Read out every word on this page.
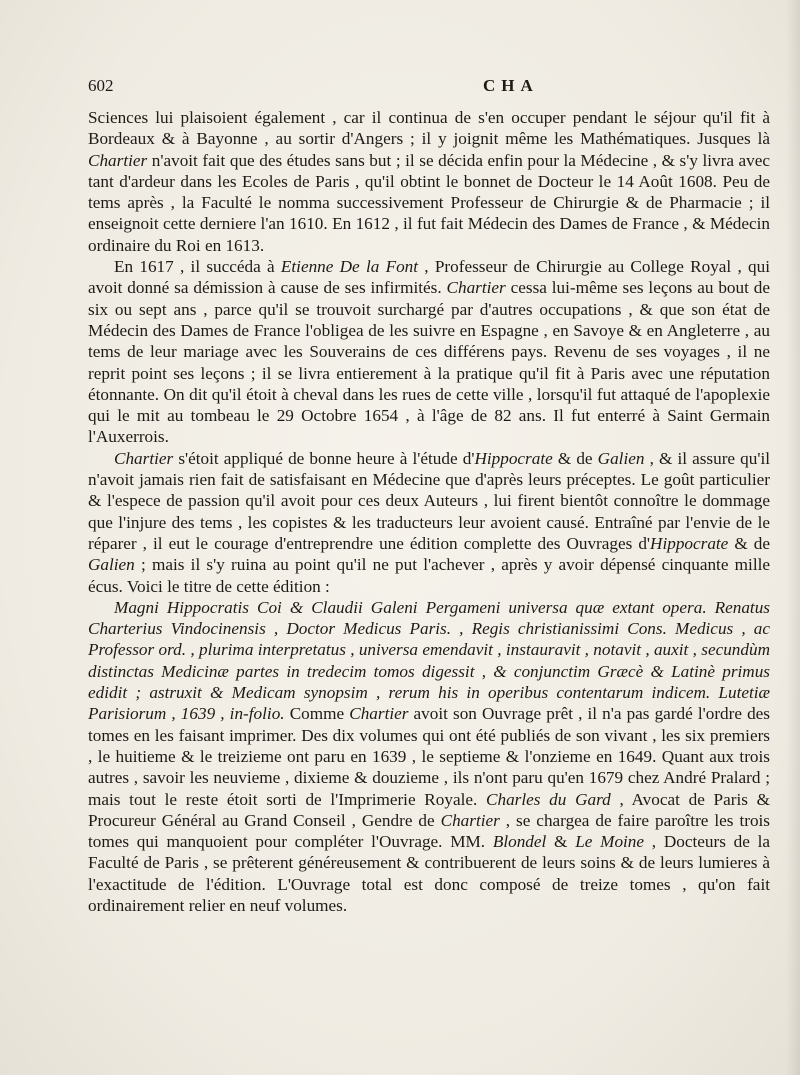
602	CHA

Sciences lui plaisoient également , car il continua de s'en occuper pendant le séjour qu'il fit à Bordeaux & à Bayonne , au sortir d'Angers ; il y joignit même les Mathématiques. Jusques là Chartier n'avoit fait que des études sans but ; il se décida enfin pour la Médecine , & s'y livra avec tant d'ardeur dans les Ecoles de Paris , qu'il obtint le bonnet de Docteur le 14 Août 1608. Peu de tems après , la Faculté le nomma successivement Professeur de Chirurgie & de Pharmacie ; il enseignoit cette derniere l'an 1610. En 1612 , il fut fait Médecin des Dames de France , & Médecin ordinaire du Roi en 1613.

En 1617 , il succéda à Etienne De la Font , Professeur de Chirurgie au College Royal , qui avoit donné sa démission à cause de ses infirmités. Chartier cessa lui-même ses leçons au bout de six ou sept ans , parce qu'il se trouvoit surchargé par d'autres occupations , & que son état de Médecin des Dames de France l'obligea de les suivre en Espagne , en Savoye & en Angleterre , au tems de leur mariage avec les Souverains de ces différens pays. Revenu de ses voyages , il ne reprit point ses leçons ; il se livra entierement à la pratique qu'il fit à Paris avec une réputation étonnante. On dit qu'il étoit à cheval dans les rues de cette ville , lorsqu'il fut attaqué de l'apoplexie qui le mit au tombeau le 29 Octobre 1654 , à l'âge de 82 ans. Il fut enterré à Saint Germain l'Auxerrois.

Chartier s'étoit appliqué de bonne heure à l'étude d'Hippocrate & de Galien , & il assure qu'il n'avoit jamais rien fait de satisfaisant en Médecine que d'après leurs préceptes. Le goût particulier & l'espece de passion qu'il avoit pour ces deux Auteurs , lui firent bientôt connoître le dommage que l'injure des tems , les copistes & les traducteurs leur avoient causé. Entraîné par l'envie de le réparer , il eut le courage d'entreprendre une édition complette des Ouvrages d'Hippocrate & de Galien ; mais il s'y ruina au point qu'il ne put l'achever , après y avoir dépensé cinquante mille écus. Voici le titre de cette édition :

Magni Hippocratis Coi & Claudii Galeni Pergameni universa quæ extant opera. Renatus Charterius Vindocinensis , Doctor Medicus Paris. , Regis christianissimi Cons. Medicus , ac Professor ord. , plurima interpretatus , universa emendavit , instauravit , notavit , auxit , secundùm distinctas Medicinæ partes in tredecim tomos digessit , & conjunctim Græcè & Latinè primus edidit ; astruxit & Medicam synopsim , rerum his in operibus contentarum indicem. Lutetiæ Parisiorum , 1639 , in-folio. Comme Chartier avoit son Ouvrage prêt , il n'a pas gardé l'ordre des tomes en les faisant imprimer. Des dix volumes qui ont été publiés de son vivant , les six premiers , le huitieme & le treizieme ont paru en 1639 , le septieme & l'onzieme en 1649. Quant aux trois autres , savoir les neuvieme , dixieme & douzieme , ils n'ont paru qu'en 1679 chez André Pralard ; mais tout le reste étoit sorti de l'Imprimerie Royale. Charles du Gard , Avocat de Paris & Procureur Général au Grand Conseil , Gendre de Chartier , se chargea de faire paroître les trois tomes qui manquoient pour compléter l'Ouvrage. MM. Blondel & Le Moine , Docteurs de la Faculté de Paris , se prêterent généreusement & contribuerent de leurs soins & de leurs lumieres à l'exactitude de l'édition. L'Ouvrage total est donc composé de treize tomes , qu'on fait ordinairement relier en neuf volumes.
